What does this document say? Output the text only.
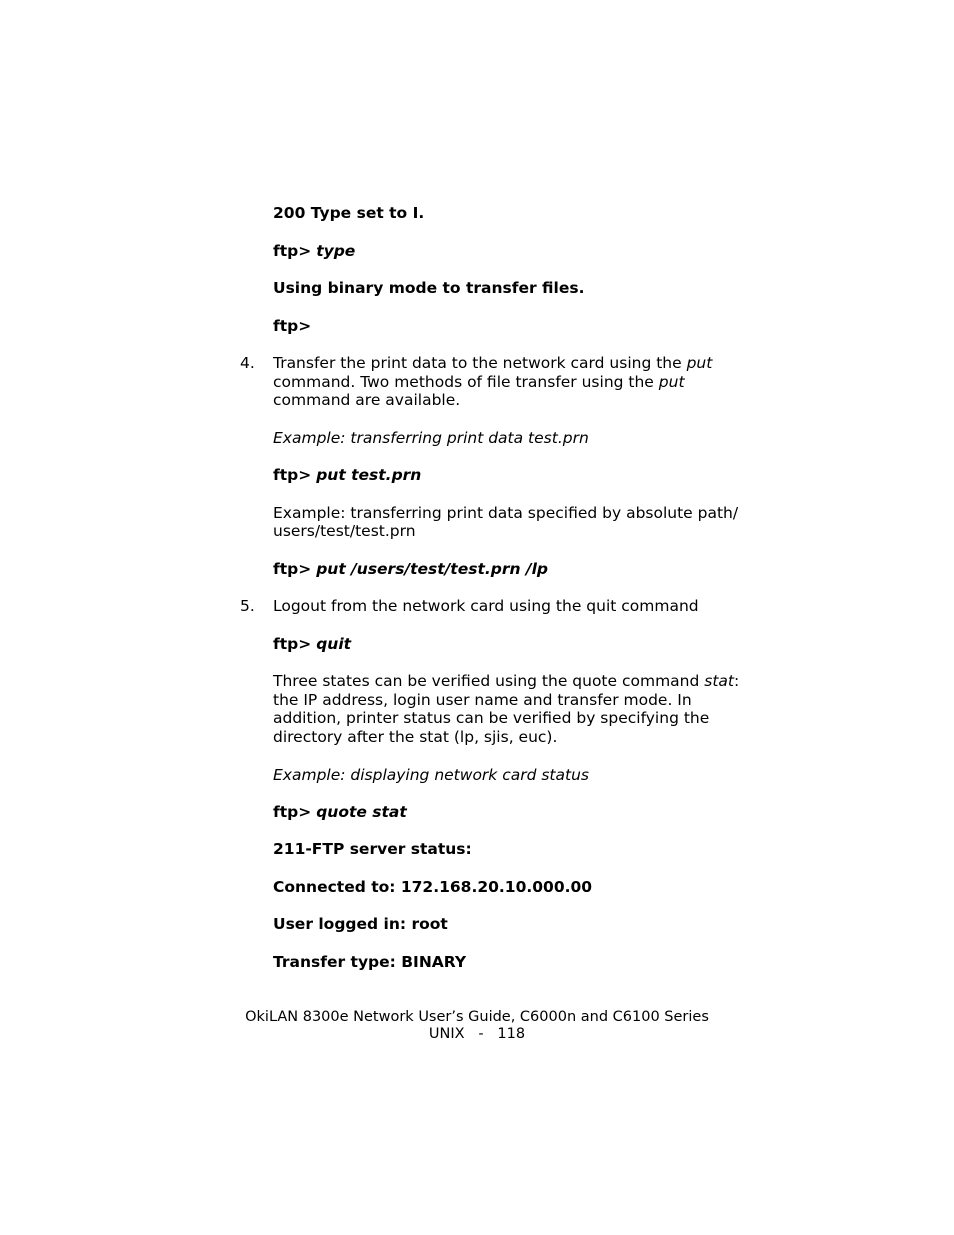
200 Type set to I.
ftp> type
Using binary mode to transfer files.
ftp>
4. Transfer the print data to the network card using the put
command. Two methods of file transfer using the put
command are available.
Example: transferring print data test.prn
ftp> put test.prn
Example: transferring print data specified by absolute path/
users/test/test.prn
ftp> put /users/test/test.prn /lp
5. Logout from the network card using the quit command
ftp> quit
Three states can be verified using the quote command stat:
the IP address, login user name and transfer mode. In
addition, printer status can be verified by specifying the
directory after the stat (lp, sjis, euc).
Example: displaying network card status
ftp> quote stat
211-FTP server status:
Connected to: 172.168.20.10.000.00
User logged in: root
Transfer type: BINARY
OkiLAN 8300e Network User’s Guide, C6000n and C6100 Series
UNIX   -   118
